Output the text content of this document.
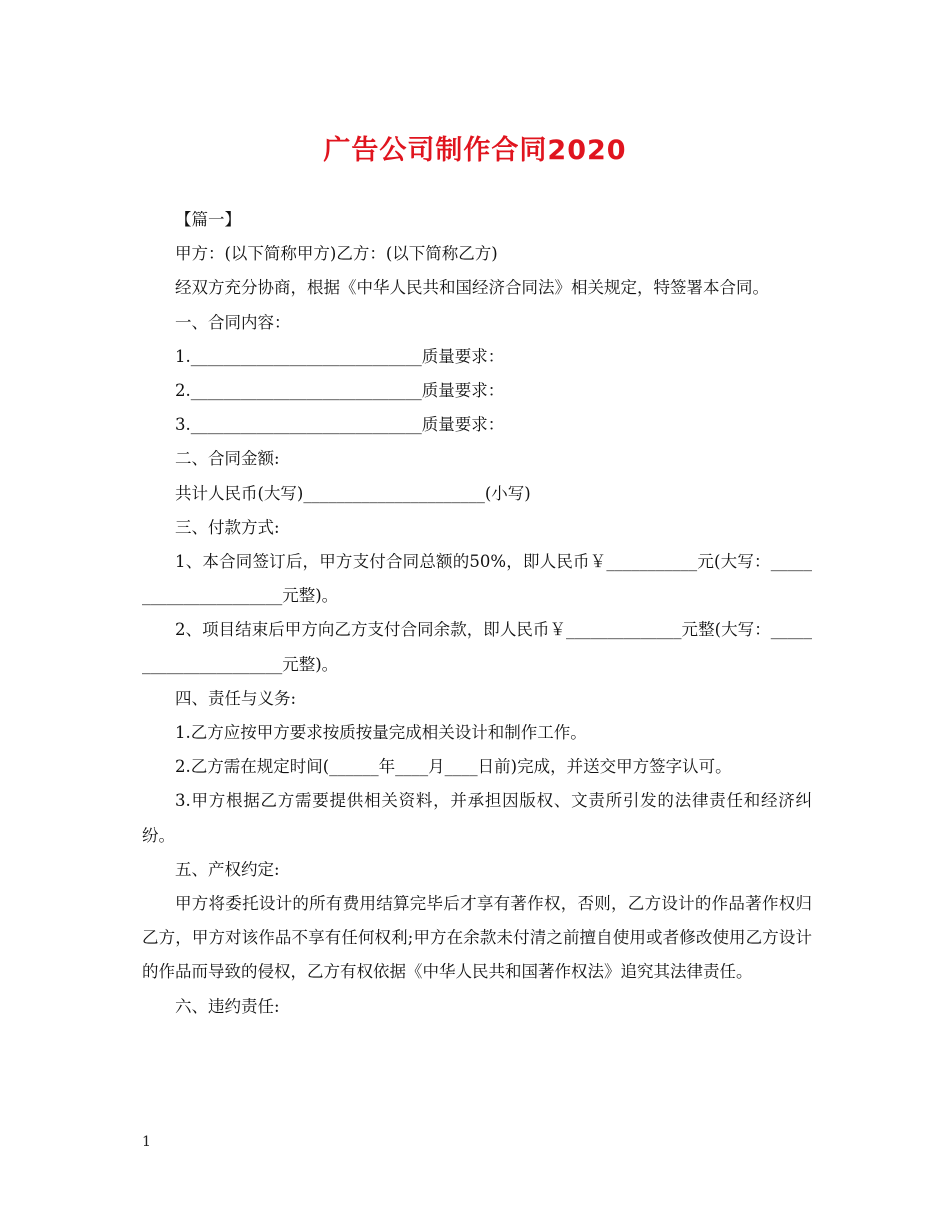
广告公司制作合同2020

【篇一】

甲方：(以下简称甲方)乙方：(以下简称乙方)

经双方充分协商，根据《中华人民共和国经济合同法》相关规定，特签署本合同。

一、合同内容：

1.____________________________质量要求：

2.____________________________质量要求：

3.____________________________质量要求：

二、合同金额:

共计人民币(大写)______________________(小写)

三、付款方式:

1、本合同签订后，甲方支付合同总额的50%，即人民币￥___________元(大写：______________________元整)。

2、项目结束后甲方向乙方支付合同余款，即人民币￥______________元整(大写：______________________元整)。

四、责任与义务:

1.乙方应按甲方要求按质按量完成相关设计和制作工作。

2.乙方需在规定时间(______年____月____日前)完成，并送交甲方签字认可。

3.甲方根据乙方需要提供相关资料，并承担因版权、文责所引发的法律责任和经济纠纷。

五、产权约定:

甲方将委托设计的所有费用结算完毕后才享有著作权，否则，乙方设计的作品著作权归乙方，甲方对该作品不享有任何权利;甲方在余款未付清之前擅自使用或者修改使用乙方设计的作品而导致的侵权，乙方有权依据《中华人民共和国著作权法》追究其法律责任。

六、违约责任:

1
